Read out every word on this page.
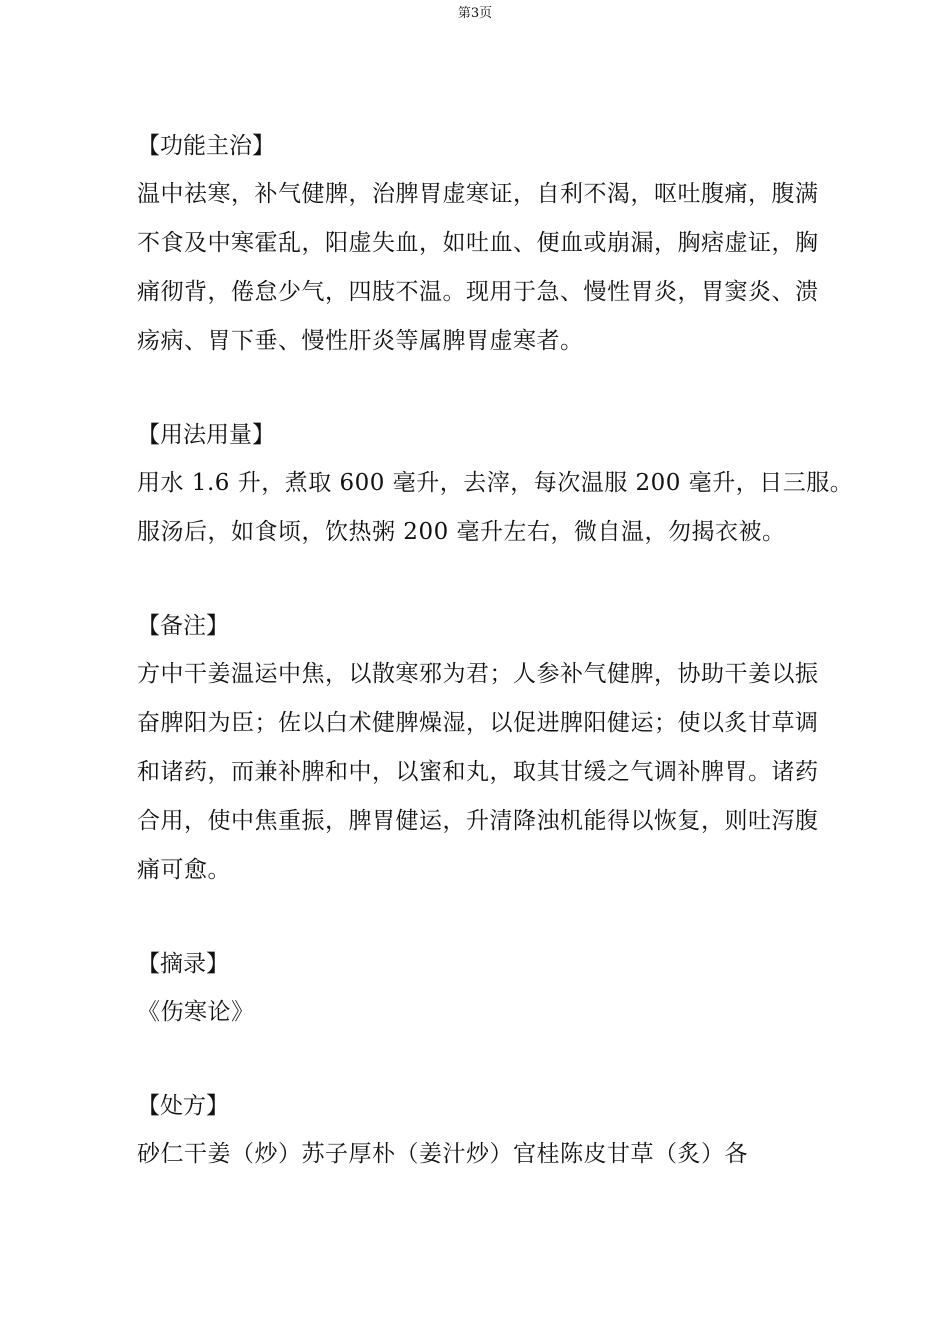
第3页
【功能主治】
温中祛寒，补气健脾，治脾胃虚寒证，自利不渴，呕吐腹痛，腹满
不食及中寒霍乱，阳虚失血，如吐血、便血或崩漏，胸痞虚证，胸
痛彻背，倦怠少气，四肢不温。现用于急、慢性胃炎，胃窦炎、溃
疡病、胃下垂、慢性肝炎等属脾胃虚寒者。
【用法用量】
用水 1.6 升，煮取 600 毫升，去滓，每次温服 200 毫升，日三服。
服汤后，如食顷，饮热粥 200 毫升左右，微自温，勿揭衣被。
【备注】
方中干姜温运中焦，以散寒邪为君；人参补气健脾，协助干姜以振
奋脾阳为臣；佐以白术健脾燥湿，以促进脾阳健运；使以炙甘草调
和诸药，而兼补脾和中，以蜜和丸，取其甘缓之气调补脾胃。诸药
合用，使中焦重振，脾胃健运，升清降浊机能得以恢复，则吐泻腹
痛可愈。
【摘录】
《伤寒论》
【处方】
砂仁干姜（炒）苏子厚朴（姜汁炒）官桂陈皮甘草（炙）各
